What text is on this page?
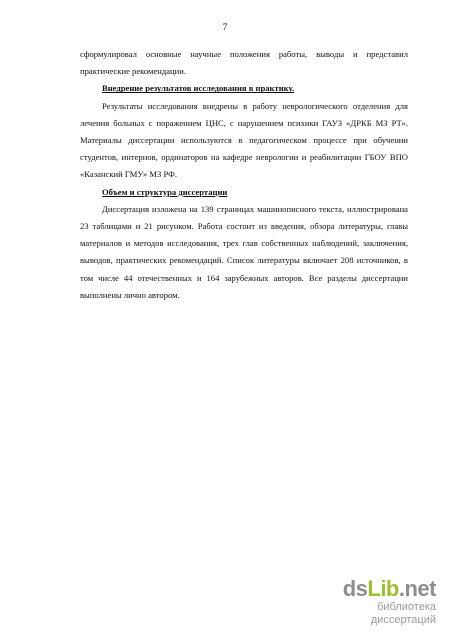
7

сформулировал основные научные положения работы, выводы и представил практические рекомендации.

Внедрение результатов исследования в практику.

Результаты исследования внедрены в работу неврологического отделения для лечения больных с поражением ЦНС, с нарушением психики ГАУЗ «ДРКБ МЗ РТ». Материалы диссертации используются в педагогическом процессе при обучении студентов, интернов, ординаторов на кафедре неврологии и реабилитации ГБОУ ВПО «Казанский ГМУ» МЗ РФ.

Объем и структура диссертации

Диссертация изложена на 139 страницах машинописного текста, иллюстрирована 23 таблицами и 21 рисунком. Работа состоит из введения, обзора литературы, главы материалов и методов исследования, трех глав собственных наблюдений, заключения, выводов, практических рекомендаций. Список литературы включает 208 источников, в том числе 44 отечественных и 164 зарубежных авторов. Все разделы диссертации выполнены лично автором.

dsLib.net
библиотека диссертаций
